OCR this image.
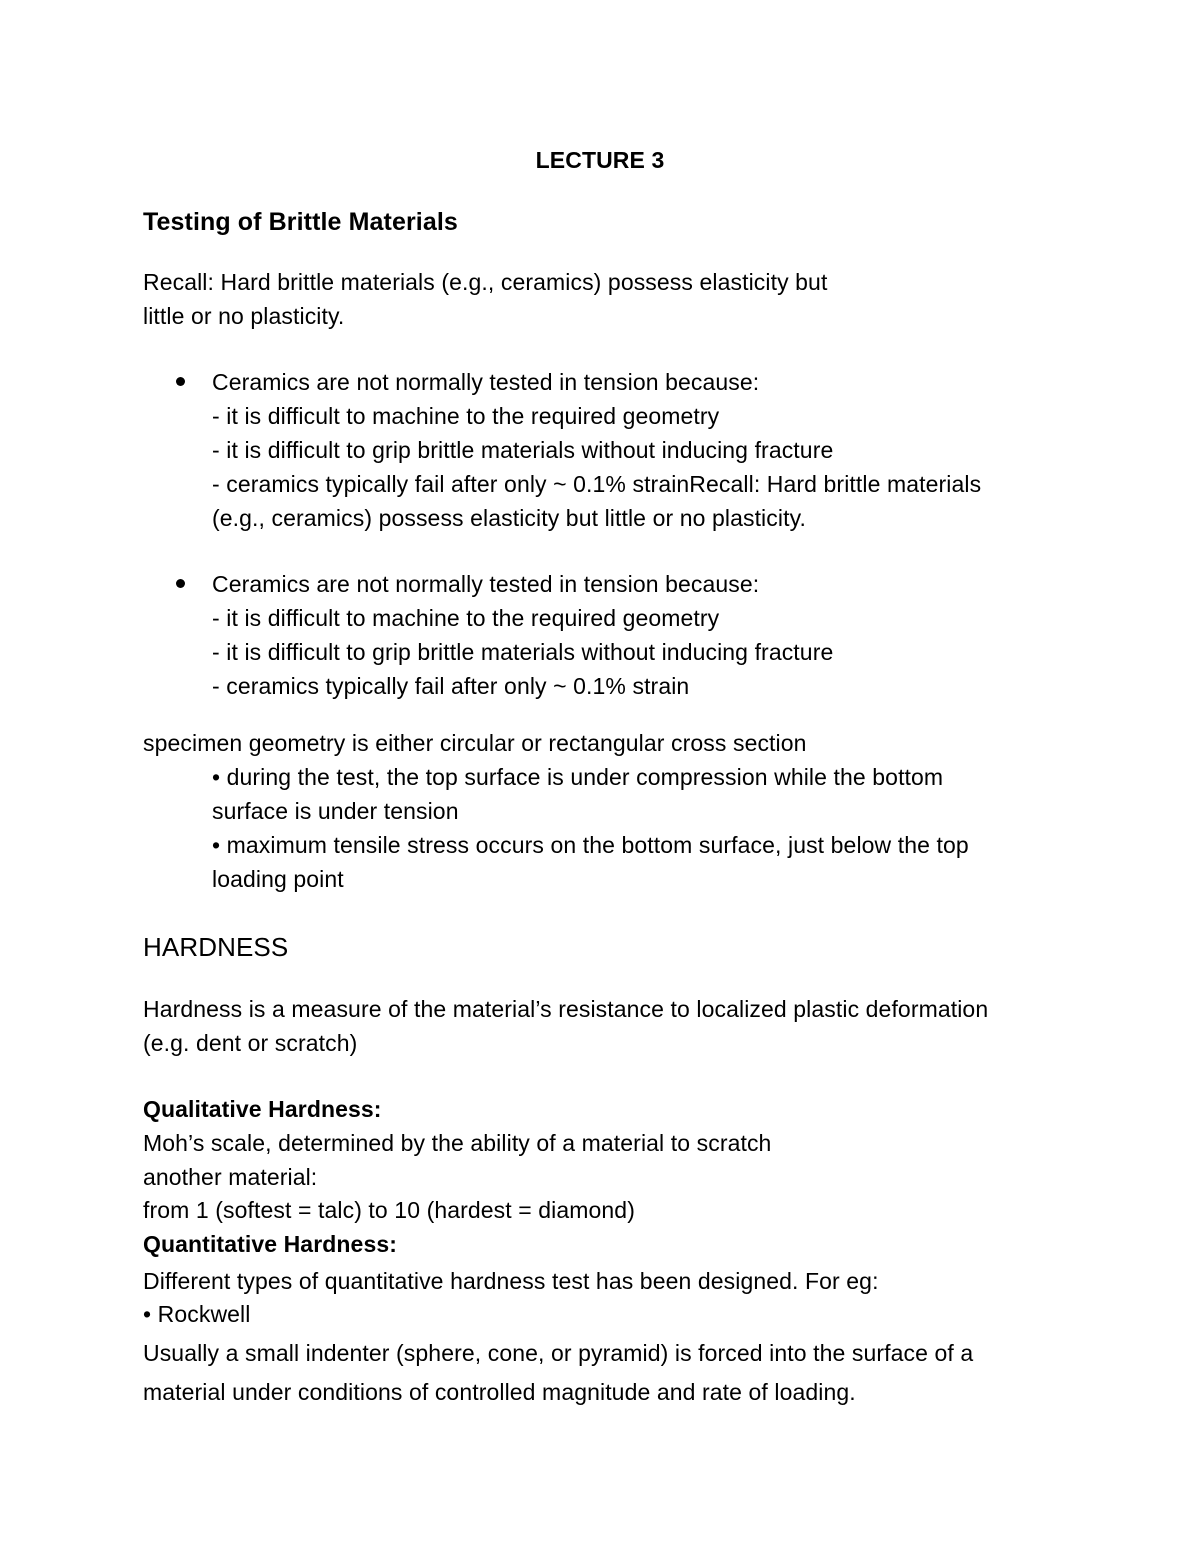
LECTURE 3
Testing of Brittle Materials
Recall: Hard brittle materials (e.g., ceramics) possess elasticity but
little or no plasticity.
Ceramics are not normally tested in tension because:
- it is difficult to machine to the required geometry
- it is difficult to grip brittle materials without inducing fracture
- ceramics typically fail after only ~ 0.1% strainRecall: Hard brittle materials
(e.g., ceramics) possess elasticity but little or no plasticity.
Ceramics are not normally tested in tension because:
- it is difficult to machine to the required geometry
- it is difficult to grip brittle materials without inducing fracture
- ceramics typically fail after only ~ 0.1% strain
specimen geometry is either circular or rectangular cross section
• during the test, the top surface is under compression while the bottom
surface is under tension
• maximum tensile stress occurs on the bottom surface, just below the top
loading point
HARDNESS
Hardness is a measure of the material’s resistance to localized plastic deformation
(e.g. dent or scratch)
Qualitative Hardness:
Moh’s scale, determined by the ability of a material to scratch
another material:
from 1 (softest = talc) to 10 (hardest = diamond)
Quantitative Hardness:
Different types of quantitative hardness test has been designed. For eg:
• Rockwell
Usually a small indenter (sphere, cone, or pyramid) is forced into the surface of a
material under conditions of controlled magnitude and rate of loading.
